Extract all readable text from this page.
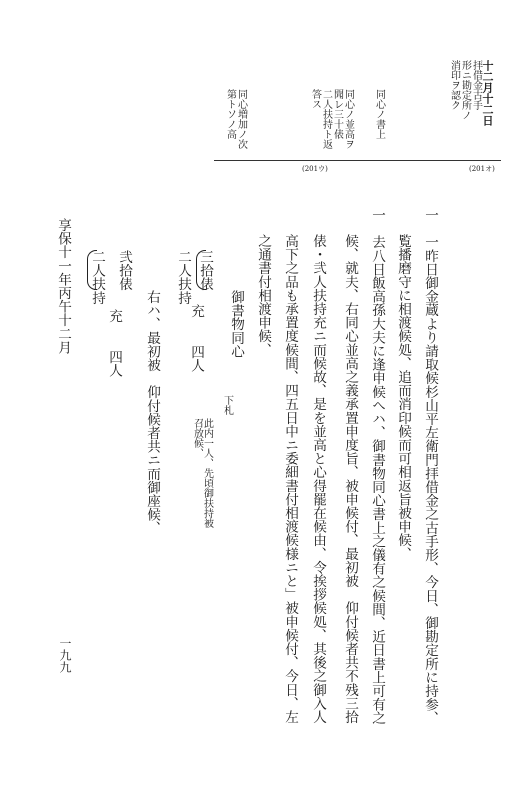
十二月十二日
拝借金古手
形ニ勘定所ノ
消印ヲ認ク
同心ノ書上
同心ノ並高ヲ
聞レ三十俵
二人扶持ト返
答ス
同心増加ノ次
第トソノ高
(201ウ)	(201オ)
一　一昨日御金蔵より請取候杉山平左衛門拝借金之古手形、今日、御勘定所に持参、
覧播磨守に相渡候処、追而消印候而可相返旨被申候、
一　去八日飯高孫大夫に逢申候へハ、御書物同心書上之儀有之候間、近日書上可有之
候、就夫、右同心並高之義承置申度旨、被申候付、最初被　仰付候者共不残三拾
俵・弐人扶持充ニ而候故、是を並高と心得罷在候由、令挨拶候処、其後之御入人
高下之品も承置度候間、四五日中ニ委細書付相渡候様ニと」被申候付、今日、左
之通書付相渡申候、
御書物同心
三拾俵
二人扶持
充
四人
下札
此内一人、先頃御扶持被
召放候、
右ハ、最初被　仰付候者共ニ而御座候、
弐拾俵
二人扶持
充
四人
享保十一年丙午十二月
一九九
